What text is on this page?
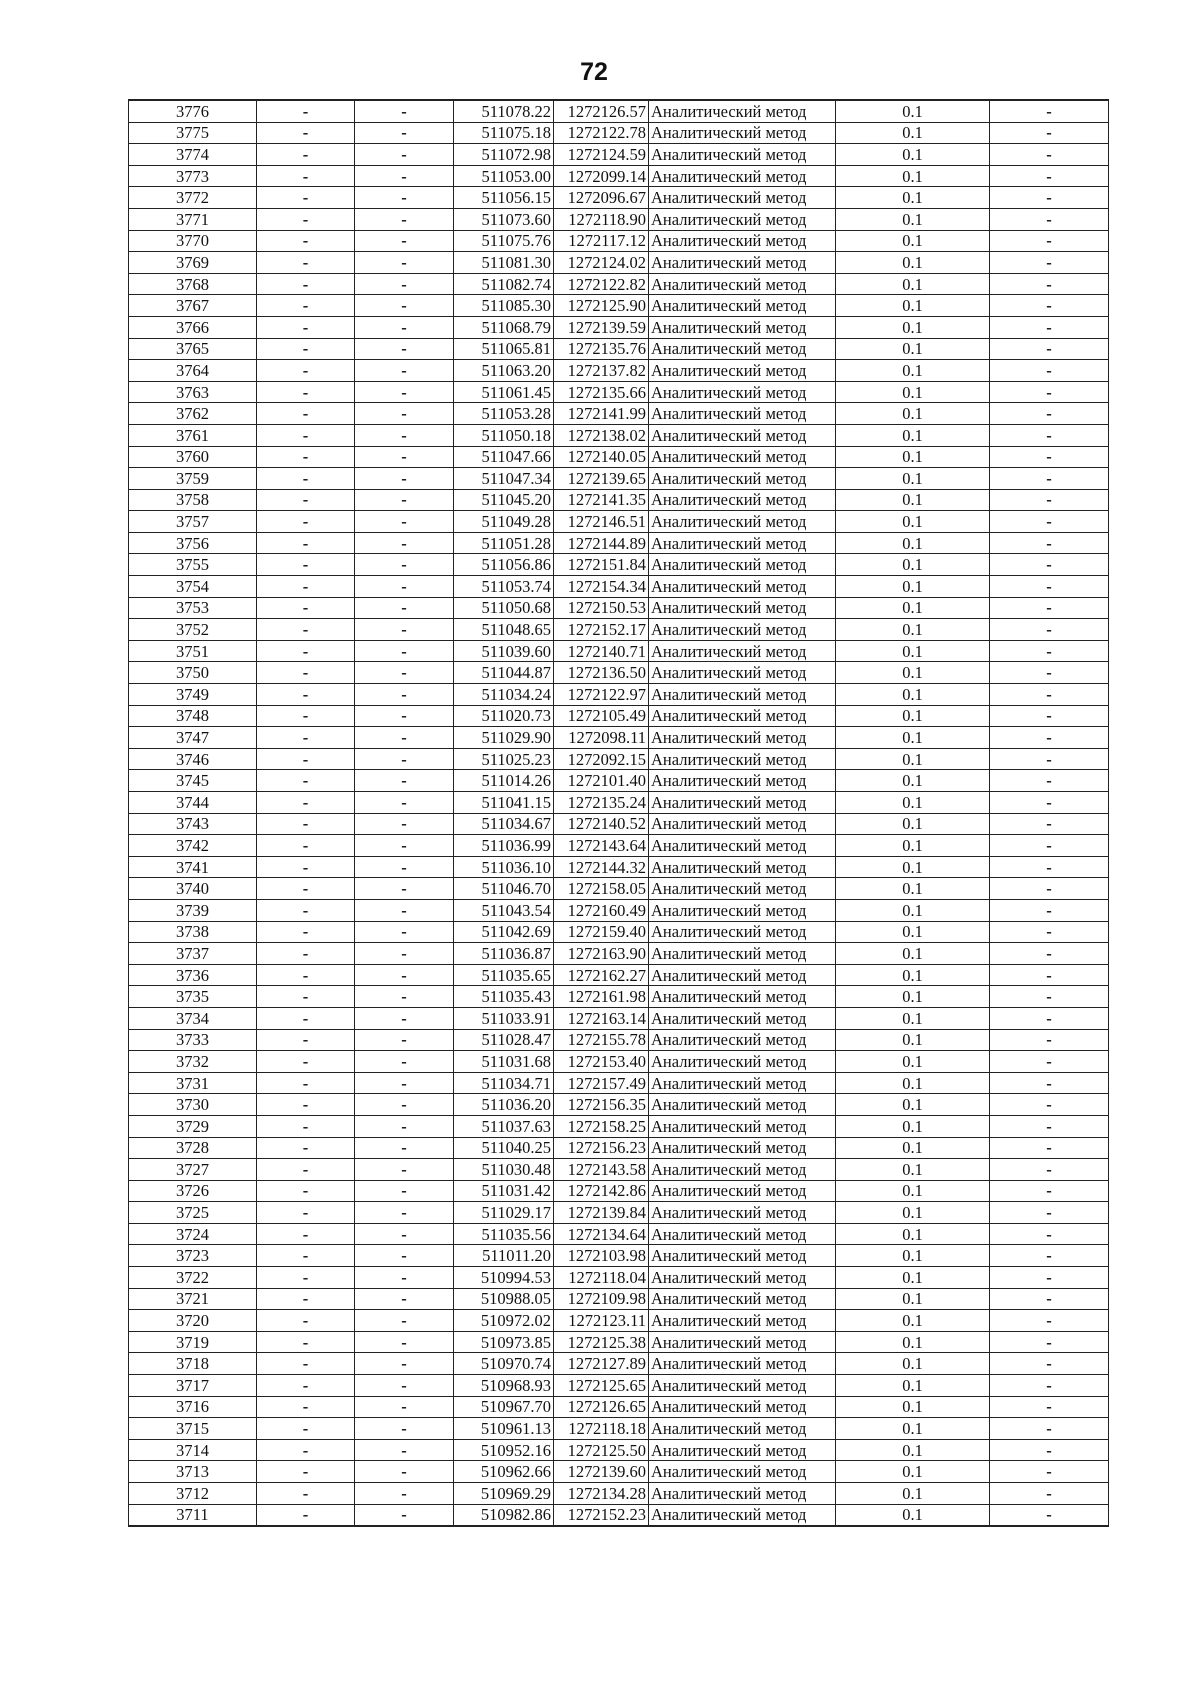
72
3776	-	-	511078.22	1272126.57	Аналитический метод	0.1	-
3775	-	-	511075.18	1272122.78	Аналитический метод	0.1	-
3774	-	-	511072.98	1272124.59	Аналитический метод	0.1	-
3773	-	-	511053.00	1272099.14	Аналитический метод	0.1	-
3772	-	-	511056.15	1272096.67	Аналитический метод	0.1	-
3771	-	-	511073.60	1272118.90	Аналитический метод	0.1	-
3770	-	-	511075.76	1272117.12	Аналитический метод	0.1	-
3769	-	-	511081.30	1272124.02	Аналитический метод	0.1	-
3768	-	-	511082.74	1272122.82	Аналитический метод	0.1	-
3767	-	-	511085.30	1272125.90	Аналитический метод	0.1	-
3766	-	-	511068.79	1272139.59	Аналитический метод	0.1	-
3765	-	-	511065.81	1272135.76	Аналитический метод	0.1	-
3764	-	-	511063.20	1272137.82	Аналитический метод	0.1	-
3763	-	-	511061.45	1272135.66	Аналитический метод	0.1	-
3762	-	-	511053.28	1272141.99	Аналитический метод	0.1	-
3761	-	-	511050.18	1272138.02	Аналитический метод	0.1	-
3760	-	-	511047.66	1272140.05	Аналитический метод	0.1	-
3759	-	-	511047.34	1272139.65	Аналитический метод	0.1	-
3758	-	-	511045.20	1272141.35	Аналитический метод	0.1	-
3757	-	-	511049.28	1272146.51	Аналитический метод	0.1	-
3756	-	-	511051.28	1272144.89	Аналитический метод	0.1	-
3755	-	-	511056.86	1272151.84	Аналитический метод	0.1	-
3754	-	-	511053.74	1272154.34	Аналитический метод	0.1	-
3753	-	-	511050.68	1272150.53	Аналитический метод	0.1	-
3752	-	-	511048.65	1272152.17	Аналитический метод	0.1	-
3751	-	-	511039.60	1272140.71	Аналитический метод	0.1	-
3750	-	-	511044.87	1272136.50	Аналитический метод	0.1	-
3749	-	-	511034.24	1272122.97	Аналитический метод	0.1	-
3748	-	-	511020.73	1272105.49	Аналитический метод	0.1	-
3747	-	-	511029.90	1272098.11	Аналитический метод	0.1	-
3746	-	-	511025.23	1272092.15	Аналитический метод	0.1	-
3745	-	-	511014.26	1272101.40	Аналитический метод	0.1	-
3744	-	-	511041.15	1272135.24	Аналитический метод	0.1	-
3743	-	-	511034.67	1272140.52	Аналитический метод	0.1	-
3742	-	-	511036.99	1272143.64	Аналитический метод	0.1	-
3741	-	-	511036.10	1272144.32	Аналитический метод	0.1	-
3740	-	-	511046.70	1272158.05	Аналитический метод	0.1	-
3739	-	-	511043.54	1272160.49	Аналитический метод	0.1	-
3738	-	-	511042.69	1272159.40	Аналитический метод	0.1	-
3737	-	-	511036.87	1272163.90	Аналитический метод	0.1	-
3736	-	-	511035.65	1272162.27	Аналитический метод	0.1	-
3735	-	-	511035.43	1272161.98	Аналитический метод	0.1	-
3734	-	-	511033.91	1272163.14	Аналитический метод	0.1	-
3733	-	-	511028.47	1272155.78	Аналитический метод	0.1	-
3732	-	-	511031.68	1272153.40	Аналитический метод	0.1	-
3731	-	-	511034.71	1272157.49	Аналитический метод	0.1	-
3730	-	-	511036.20	1272156.35	Аналитический метод	0.1	-
3729	-	-	511037.63	1272158.25	Аналитический метод	0.1	-
3728	-	-	511040.25	1272156.23	Аналитический метод	0.1	-
3727	-	-	511030.48	1272143.58	Аналитический метод	0.1	-
3726	-	-	511031.42	1272142.86	Аналитический метод	0.1	-
3725	-	-	511029.17	1272139.84	Аналитический метод	0.1	-
3724	-	-	511035.56	1272134.64	Аналитический метод	0.1	-
3723	-	-	511011.20	1272103.98	Аналитический метод	0.1	-
3722	-	-	510994.53	1272118.04	Аналитический метод	0.1	-
3721	-	-	510988.05	1272109.98	Аналитический метод	0.1	-
3720	-	-	510972.02	1272123.11	Аналитический метод	0.1	-
3719	-	-	510973.85	1272125.38	Аналитический метод	0.1	-
3718	-	-	510970.74	1272127.89	Аналитический метод	0.1	-
3717	-	-	510968.93	1272125.65	Аналитический метод	0.1	-
3716	-	-	510967.70	1272126.65	Аналитический метод	0.1	-
3715	-	-	510961.13	1272118.18	Аналитический метод	0.1	-
3714	-	-	510952.16	1272125.50	Аналитический метод	0.1	-
3713	-	-	510962.66	1272139.60	Аналитический метод	0.1	-
3712	-	-	510969.29	1272134.28	Аналитический метод	0.1	-
3711	-	-	510982.86	1272152.23	Аналитический метод	0.1	-
